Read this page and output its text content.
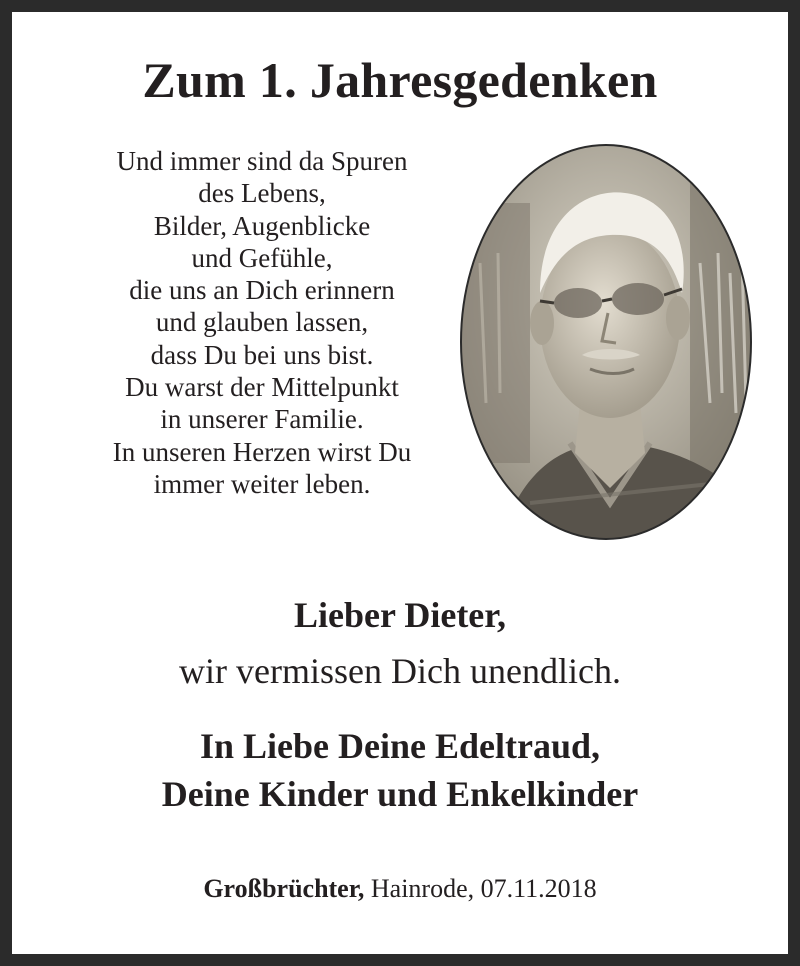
Zum 1. Jahresgedenken
Und immer sind da Spuren
des Lebens,
Bilder, Augenblicke
und Gefühle,
die uns an Dich erinnern
und glauben lassen,
dass Du bei uns bist.
Du warst der Mittelpunkt
in unserer Familie.
In unseren Herzen wirst Du
immer weiter leben.
Lieber Dieter,
wir vermissen Dich unendlich.
In Liebe Deine Edeltraud,
Deine Kinder und Enkelkinder
Großbrüchter, Hainrode, 07.11.2018
